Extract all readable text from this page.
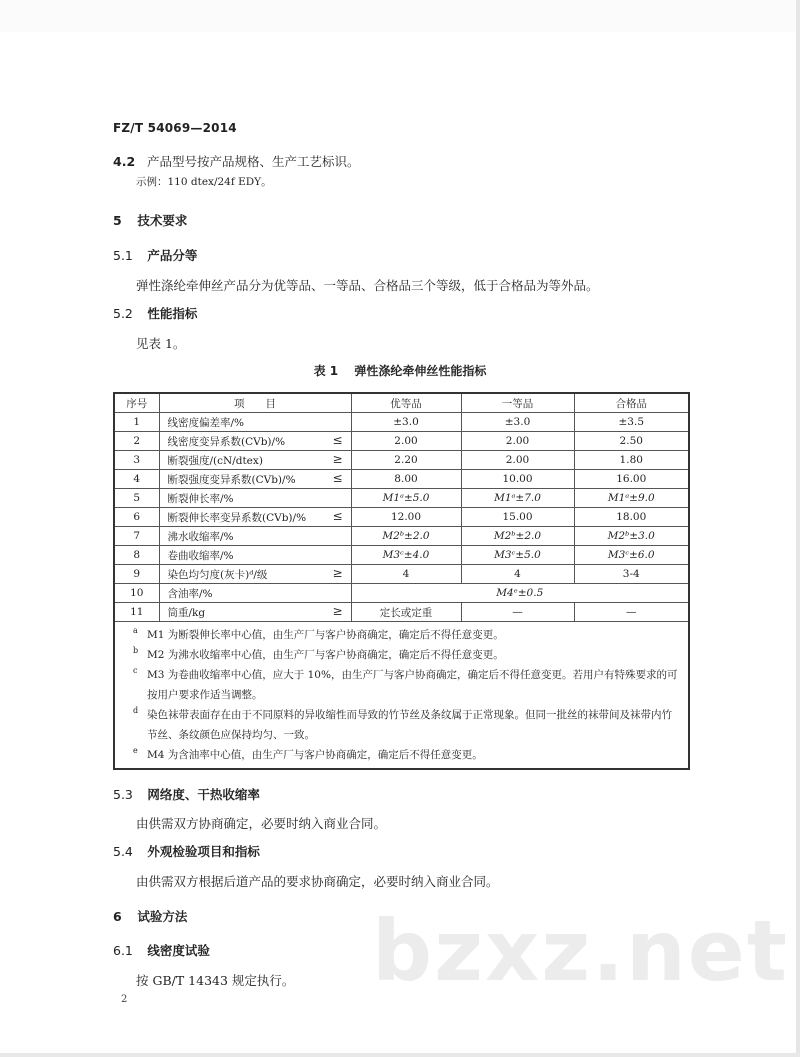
FZ/T 54069—2014
4.2 产品型号按产品规格、生产工艺标识。
示例：110 dtex/24f EDY。
5 技术要求
5.1 产品分等
弹性涤纶牵伸丝产品分为优等品、一等品、合格品三个等级，低于合格品为等外品。
5.2 性能指标
见表 1。
表 1 弹性涤纶牵伸丝性能指标
序号	项　　目	优等品	一等品	合格品
1	线密度偏差率/%	±3.0	±3.0	±3.5
2	线密度变异系数(CVb)/% ≤	2.00	2.00	2.50
3	断裂强度/(cN/dtex) ≥	2.20	2.00	1.80
4	断裂强度变异系数(CVb)/% ≤	8.00	10.00	16.00
5	断裂伸长率/%	M1ᵃ±5.0	M1ᵃ±7.0	M1ᵃ±9.0
6	断裂伸长率变异系数(CVb)/% ≤	12.00	15.00	18.00
7	沸水收缩率/%	M2ᵇ±2.0	M2ᵇ±2.0	M2ᵇ±3.0
8	卷曲收缩率/%	M3ᶜ±4.0	M3ᶜ±5.0	M3ᶜ±6.0
9	染色均匀度(灰卡)ᵈ/级 ≥	4	4	3-4
10	含油率/%	M4ᵉ±0.5		
11	筒重/kg ≥	定长或定重	—	—

a M1 为断裂伸长率中心值，由生产厂与客户协商确定，确定后不得任意变更。
b M2 为沸水收缩率中心值，由生产厂与客户协商确定，确定后不得任意变更。
c M3 为卷曲收缩率中心值，应大于 10%，由生产厂与客户协商确定，确定后不得任意变更。若用户有特殊要求的可按用户要求作适当调整。
d 染色袜带表面存在由于不同原料的异收缩性而导致的竹节丝及条纹属于正常现象。但同一批丝的袜带间及袜带内竹节丝、条纹颜色应保持均匀、一致。
e M4 为含油率中心值，由生产厂与客户协商确定，确定后不得任意变更。
5.3 网络度、干热收缩率
由供需双方协商确定，必要时纳入商业合同。
5.4 外观检验项目和指标
由供需双方根据后道产品的要求协商确定，必要时纳入商业合同。
bzxz.net
6 试验方法
6.1 线密度试验
按 GB/T 14343 规定执行。
2
